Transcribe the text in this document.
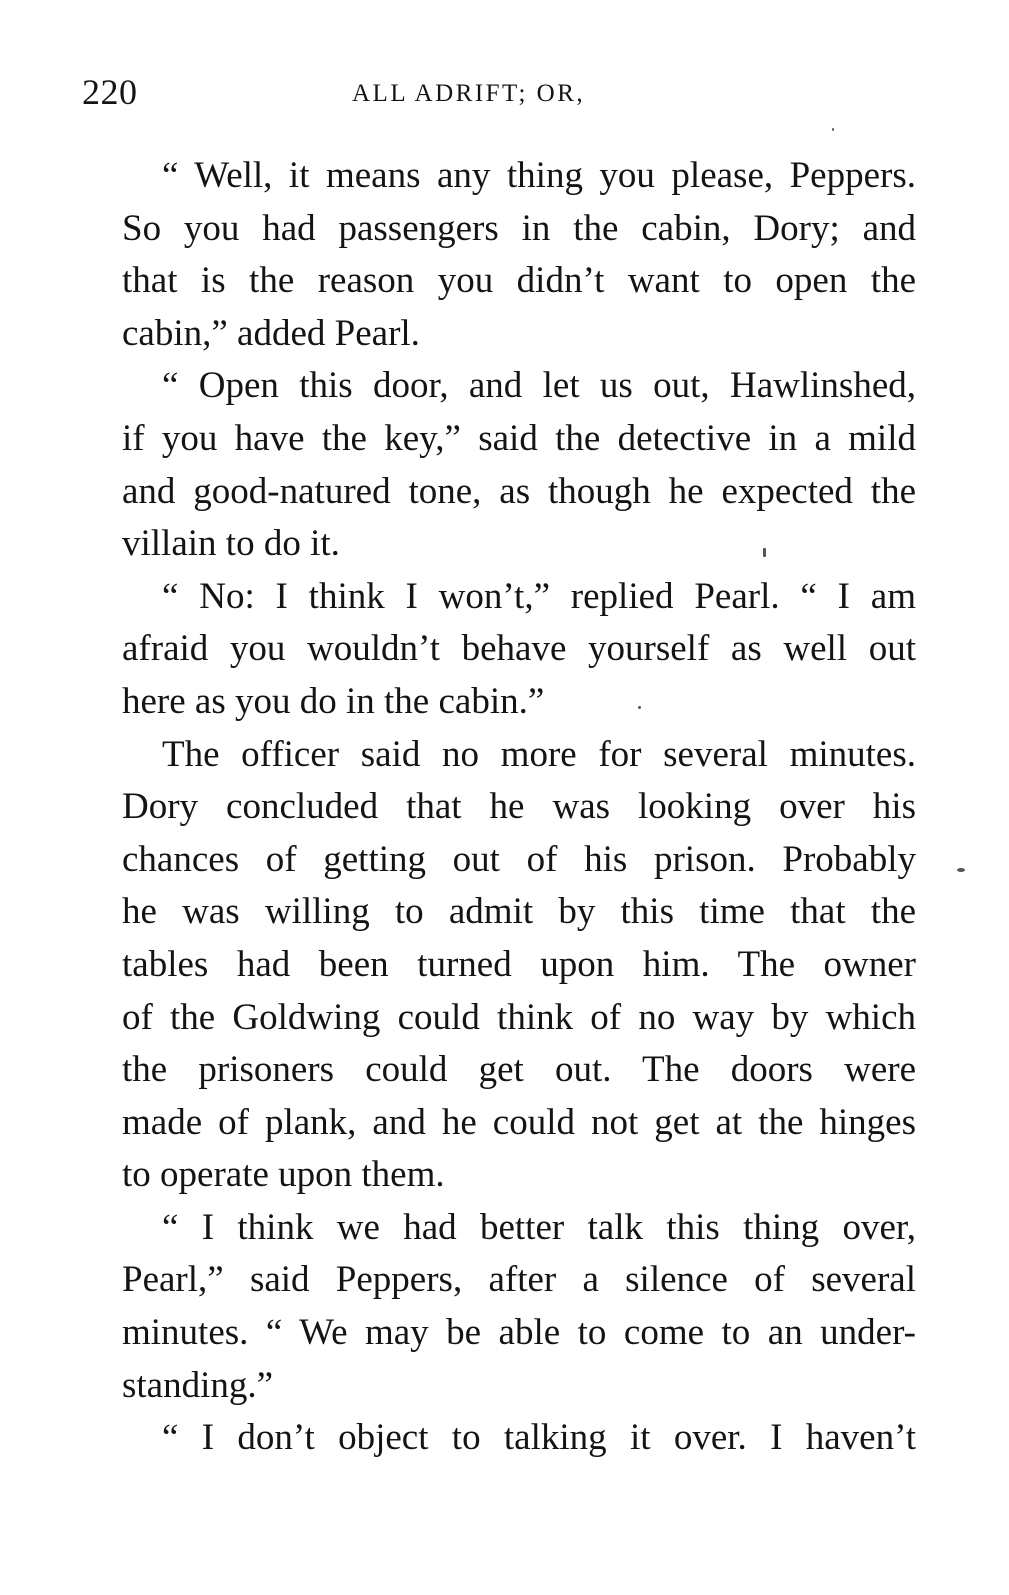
220	ALL ADRIFT; OR,
“ Well, it means any thing you please, Peppers.
So you had passengers in the cabin, Dory; and
that is the reason you didn’t want to open the
cabin,” added Pearl.
“ Open this door, and let us out, Hawlinshed,
if you have the key,” said the detective in a mild
and good-natured tone, as though he expected the
villain to do it.
“ No: I think I won’t,” replied Pearl. “ I am
afraid you wouldn’t behave yourself as well out
here as you do in the cabin.”
The officer said no more for several minutes.
Dory concluded that he was looking over his
chances of getting out of his prison. Probably
he was willing to admit by this time that the
tables had been turned upon him. The owner
of the Goldwing could think of no way by which
the prisoners could get out. The doors were
made of plank, and he could not get at the hinges
to operate upon them.
“ I think we had better talk this thing over,
Pearl,” said Peppers, after a silence of several
minutes. “ We may be able to come to an under-
standing.”
“ I don’t object to talking it over. I haven’t
